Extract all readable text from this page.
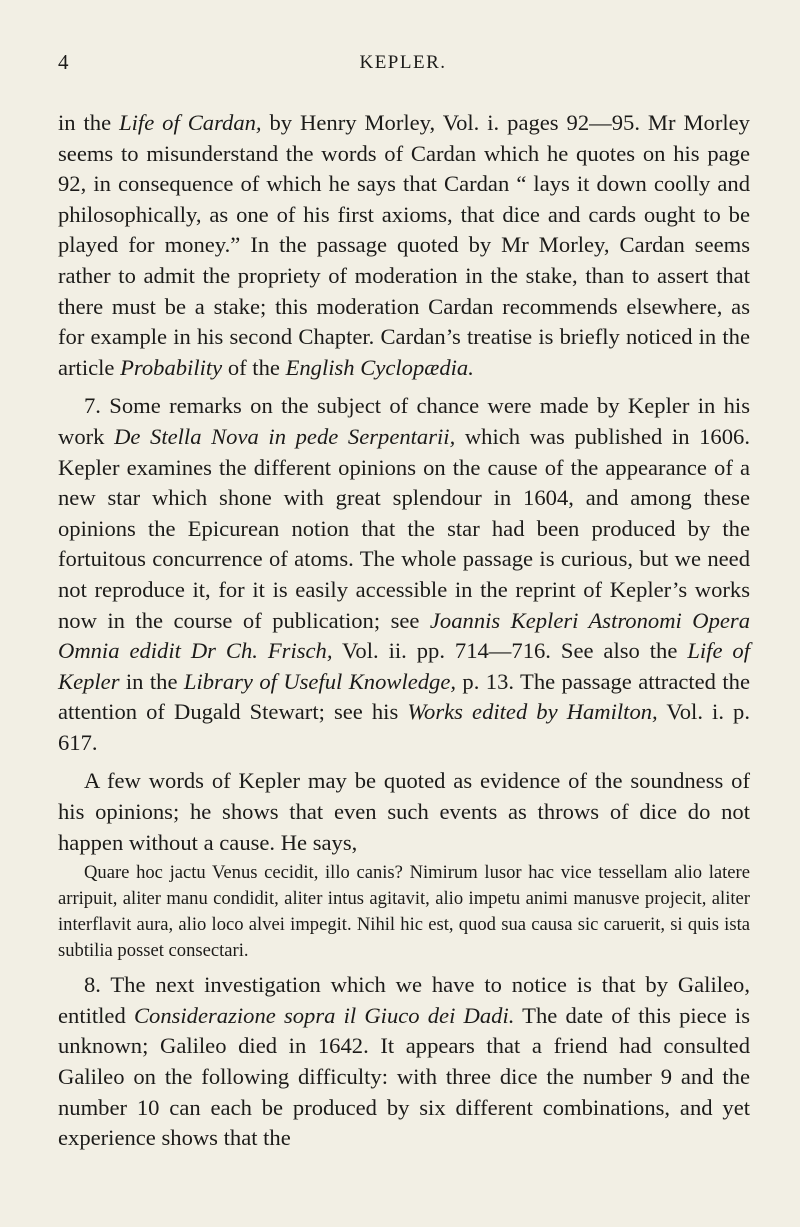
4	KEPLER.

in the Life of Cardan, by Henry Morley, Vol. i. pages 92—95. Mr Morley seems to misunderstand the words of Cardan which he quotes on his page 92, in consequence of which he says that Cardan “ lays it down coolly and philosophically, as one of his first axioms, that dice and cards ought to be played for money.” In the passage quoted by Mr Morley, Cardan seems rather to admit the propriety of moderation in the stake, than to assert that there must be a stake; this moderation Cardan recommends elsewhere, as for example in his second Chapter. Cardan’s treatise is briefly noticed in the article Probability of the English Cyclopædia.

7. Some remarks on the subject of chance were made by Kepler in his work De Stella Nova in pede Serpentarii, which was published in 1606. Kepler examines the different opinions on the cause of the appearance of a new star which shone with great splendour in 1604, and among these opinions the Epicurean notion that the star had been produced by the fortuitous concurrence of atoms. The whole passage is curious, but we need not reproduce it, for it is easily accessible in the reprint of Kepler’s works now in the course of publication; see Joannis Kepleri Astronomi Opera Omnia edidit Dr Ch. Frisch, Vol. ii. pp. 714—716. See also the Life of Kepler in the Library of Useful Knowledge, p. 13. The passage attracted the attention of Dugald Stewart; see his Works edited by Hamilton, Vol. i. p. 617.

A few words of Kepler may be quoted as evidence of the soundness of his opinions; he shows that even such events as throws of dice do not happen without a cause. He says,

Quare hoc jactu Venus cecidit, illo canis? Nimirum lusor hac vice tessellam alio latere arripuit, aliter manu condidit, aliter intus agitavit, alio impetu animi manusve projecit, aliter interflavit aura, alio loco alvei impegit. Nihil hic est, quod sua causa sic caruerit, si quis ista subtilia posset consectari.

8. The next investigation which we have to notice is that by Galileo, entitled Considerazione sopra il Giuco dei Dadi. The date of this piece is unknown; Galileo died in 1642. It appears that a friend had consulted Galileo on the following difficulty: with three dice the number 9 and the number 10 can each be produced by six different combinations, and yet experience shows that the
